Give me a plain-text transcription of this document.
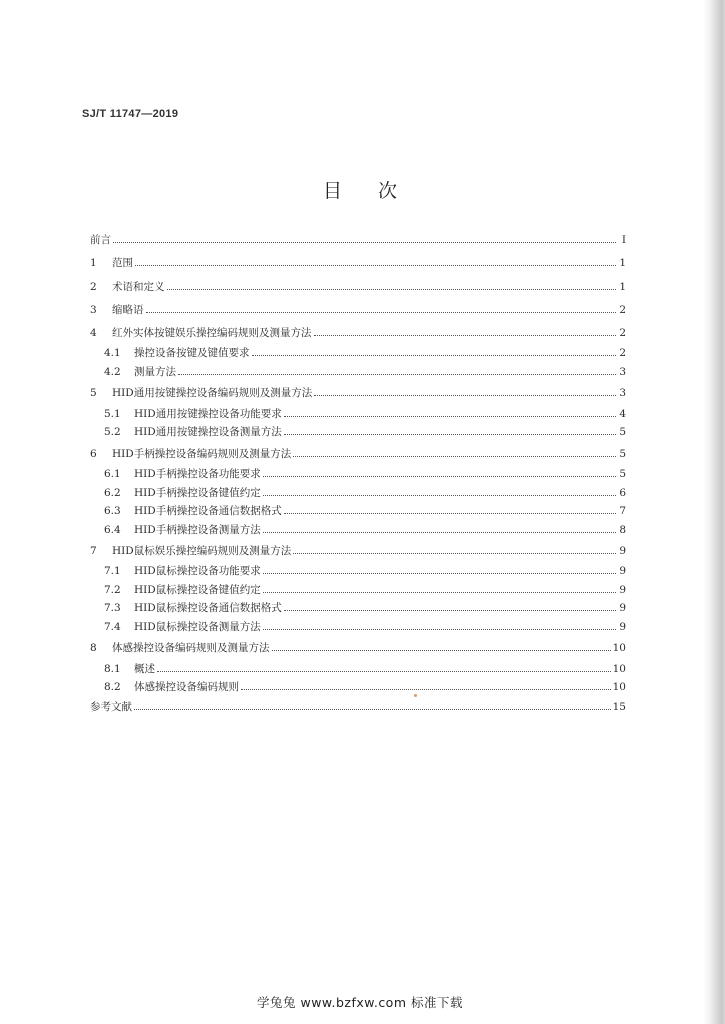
SJ/T 11747—2019
目次
前言	I
1	范围	1
2	术语和定义	1
3	缩略语	2
4	红外实体按键娱乐操控编码规则及测量方法	2
4.1	操控设备按键及键值要求	2
4.2	测量方法	3
5	HID通用按键操控设备编码规则及测量方法	3
5.1	HID通用按键操控设备功能要求	4
5.2	HID通用按键操控设备测量方法	5
6	HID手柄操控设备编码规则及测量方法	5
6.1	HID手柄操控设备功能要求	5
6.2	HID手柄操控设备键值约定	6
6.3	HID手柄操控设备通信数据格式	7
6.4	HID手柄操控设备测量方法	8
7	HID鼠标娱乐操控编码规则及测量方法	9
7.1	HID鼠标操控设备功能要求	9
7.2	HID鼠标操控设备键值约定	9
7.3	HID鼠标操控设备通信数据格式	9
7.4	HID鼠标操控设备测量方法	9
8	体感操控设备编码规则及测量方法	10
8.1	概述	10
8.2	体感操控设备编码规则	10
参考文献	15
学兔兔 www.bzfxw.com 标准下载
